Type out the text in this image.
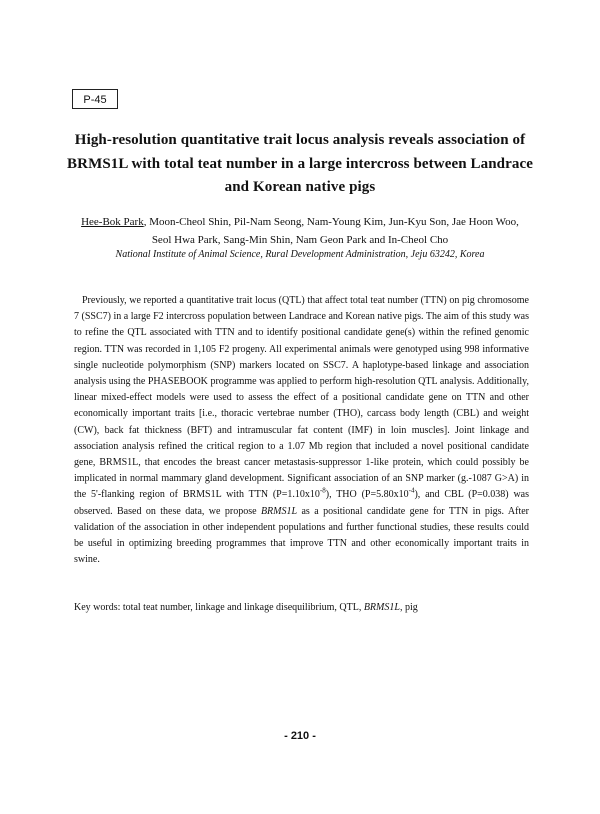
P-45
High-resolution quantitative trait locus analysis reveals association of
BRMS1L with total teat number in a large intercross between Landrace
and Korean native pigs

Hee-Bok Park, Moon-Cheol Shin, Pil-Nam Seong, Nam-Young Kim, Jun-Kyu Son, Jae Hoon Woo,
Seol Hwa Park, Sang-Min Shin, Nam Geon Park and In-Cheol Cho

National Institute of Animal Science, Rural Development Administration, Jeju 63242, Korea

Previously, we reported a quantitative trait locus (QTL) that affect total teat number (TTN) on pig chromosome 7 (SSC7) in a large F2 intercross population between Landrace and Korean native pigs. The aim of this study was to refine the QTL associated with TTN and to identify positional candidate gene(s) within the refined genomic region. TTN was recorded in 1,105 F2 progeny. All experimental animals were genotyped using 998 informative single nucleotide polymorphism (SNP) markers located on SSC7. A haplotype-based linkage and association analysis using the PHASEBOOK programme was applied to perform high-resolution QTL analysis. Additionally, linear mixed-effect models were used to assess the effect of a positional candidate gene on TTN and other economically important traits [i.e., thoracic vertebrae number (THO), carcass body length (CBL) and weight (CW), back fat thickness (BFT) and intramuscular fat content (IMF) in loin muscles]. Joint linkage and association analysis refined the critical region to a 1.07 Mb region that included a novel positional candidate gene, BRMS1L, that encodes the breast cancer metastasis-suppressor 1-like protein, which could possibly be implicated in normal mammary gland development. Significant association of an SNP marker (g.-1087 G>A) in the 5'-flanking region of BRMS1L with TTN $(P=1.10x10^{-8})$, THO $(P=5.80x10^{-4})$, and CBL (P=0.038) was observed. Based on these data, we propose BRMS1L as a positional candidate gene for TTN in pigs. After validation of the association in other independent populations and further functional studies, these results could be useful in optimizing breeding programmes that improve TTN and other economically important traits in swine.

Key words: total teat number, linkage and linkage disequilibrium, QTL, BRMS1L, pig

- 210 -
